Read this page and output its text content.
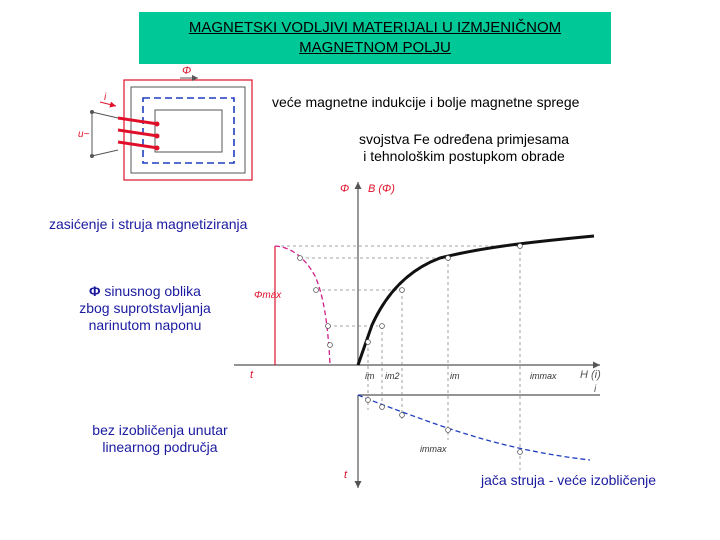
MAGNETSKI VODLJIVI MATERIJALI U IZMJENIČNOM
MAGNETNOM POLJU
Φ
i
u~
Φ B (Φ)
H (i)
i
Φmax
t
t
im im2	im	immax
immax
veće magnetne indukcije i bolje magnetne sprege
svojstva Fe određena primjesama
i tehnološkim postupkom obrade
zasićenje i struja magnetiziranja
Φ sinusnog oblika
zbog suprotstavljanja
narinutom naponu
bez izobličenja unutar
linearnog područja
jača struja - veće izobličenje
